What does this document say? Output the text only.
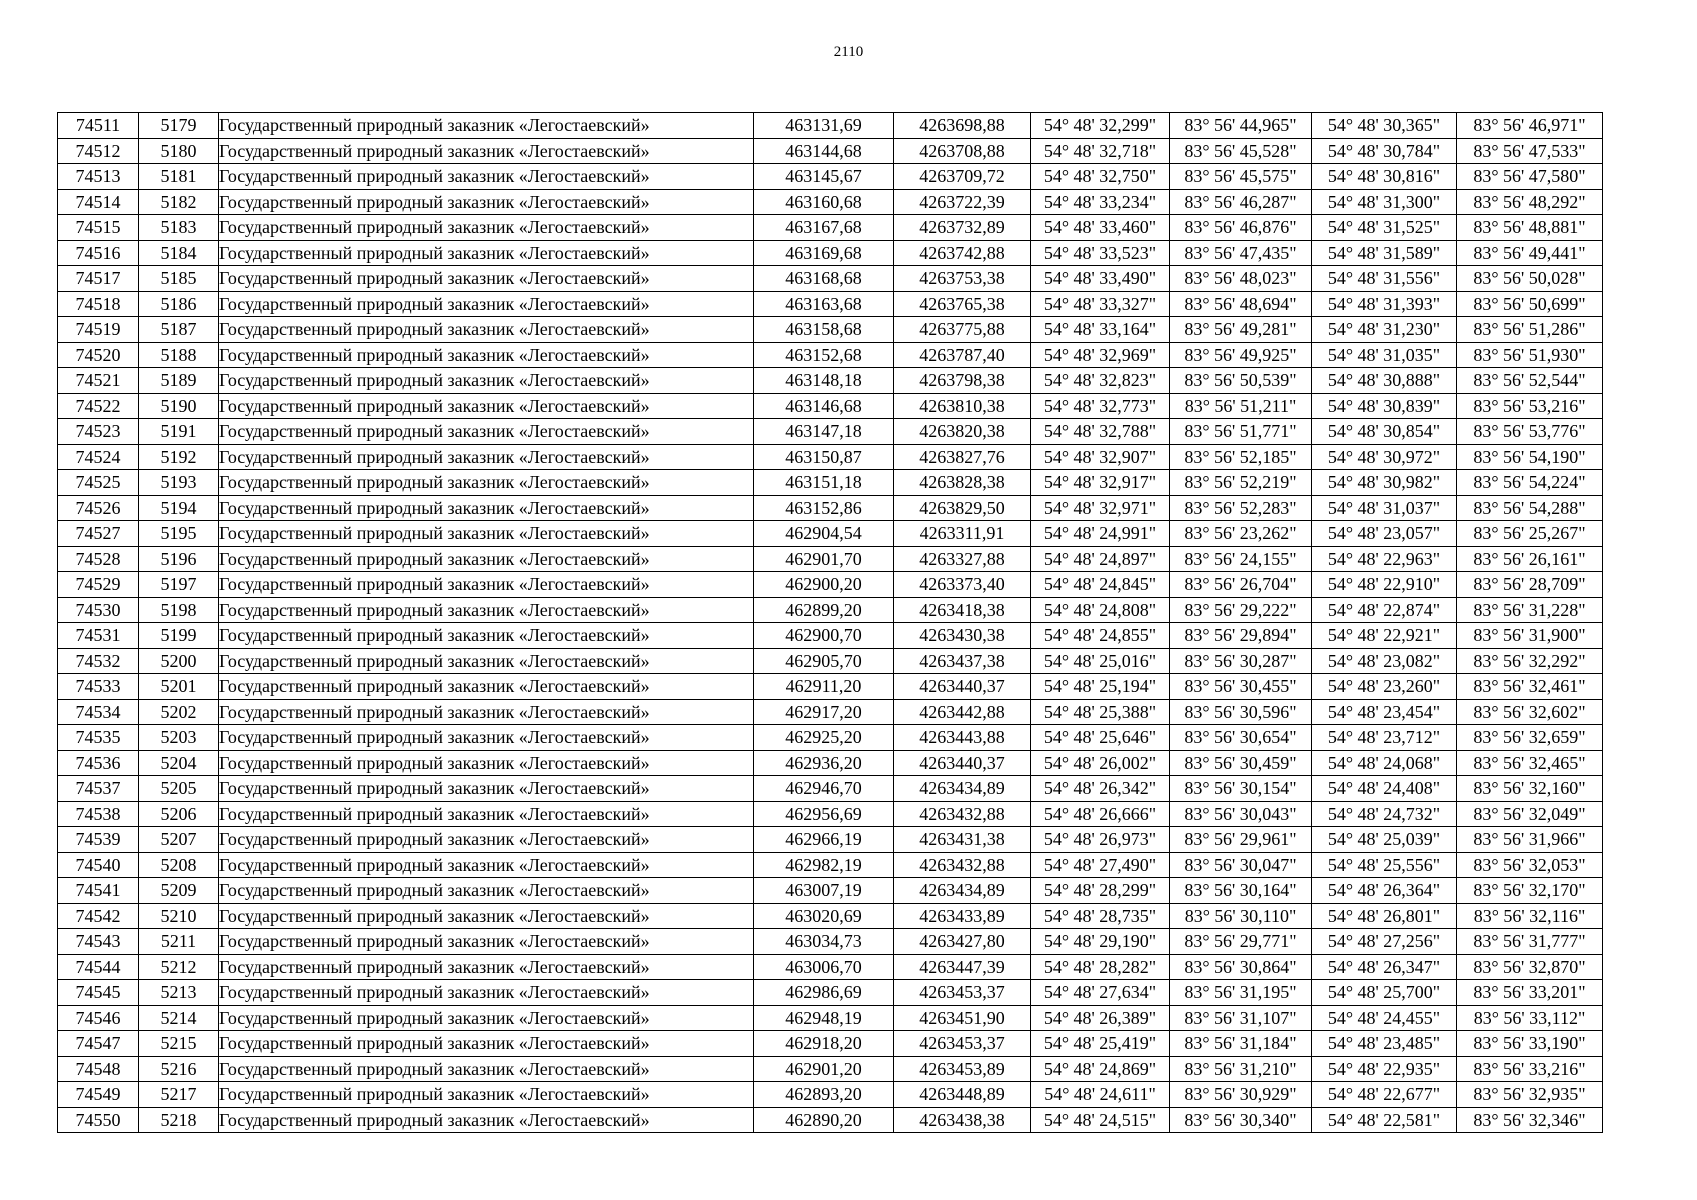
2110
74511	5179	Государственный природный заказник «Легостаевский»	463131,69	4263698,88	54° 48' 32,299"	83° 56' 44,965"	54° 48' 30,365"	83° 56' 46,971"
74512	5180	Государственный природный заказник «Легостаевский»	463144,68	4263708,88	54° 48' 32,718"	83° 56' 45,528"	54° 48' 30,784"	83° 56' 47,533"
74513	5181	Государственный природный заказник «Легостаевский»	463145,67	4263709,72	54° 48' 32,750"	83° 56' 45,575"	54° 48' 30,816"	83° 56' 47,580"
74514	5182	Государственный природный заказник «Легостаевский»	463160,68	4263722,39	54° 48' 33,234"	83° 56' 46,287"	54° 48' 31,300"	83° 56' 48,292"
74515	5183	Государственный природный заказник «Легостаевский»	463167,68	4263732,89	54° 48' 33,460"	83° 56' 46,876"	54° 48' 31,525"	83° 56' 48,881"
74516	5184	Государственный природный заказник «Легостаевский»	463169,68	4263742,88	54° 48' 33,523"	83° 56' 47,435"	54° 48' 31,589"	83° 56' 49,441"
74517	5185	Государственный природный заказник «Легостаевский»	463168,68	4263753,38	54° 48' 33,490"	83° 56' 48,023"	54° 48' 31,556"	83° 56' 50,028"
74518	5186	Государственный природный заказник «Легостаевский»	463163,68	4263765,38	54° 48' 33,327"	83° 56' 48,694"	54° 48' 31,393"	83° 56' 50,699"
74519	5187	Государственный природный заказник «Легостаевский»	463158,68	4263775,88	54° 48' 33,164"	83° 56' 49,281"	54° 48' 31,230"	83° 56' 51,286"
74520	5188	Государственный природный заказник «Легостаевский»	463152,68	4263787,40	54° 48' 32,969"	83° 56' 49,925"	54° 48' 31,035"	83° 56' 51,930"
74521	5189	Государственный природный заказник «Легостаевский»	463148,18	4263798,38	54° 48' 32,823"	83° 56' 50,539"	54° 48' 30,888"	83° 56' 52,544"
74522	5190	Государственный природный заказник «Легостаевский»	463146,68	4263810,38	54° 48' 32,773"	83° 56' 51,211"	54° 48' 30,839"	83° 56' 53,216"
74523	5191	Государственный природный заказник «Легостаевский»	463147,18	4263820,38	54° 48' 32,788"	83° 56' 51,771"	54° 48' 30,854"	83° 56' 53,776"
74524	5192	Государственный природный заказник «Легостаевский»	463150,87	4263827,76	54° 48' 32,907"	83° 56' 52,185"	54° 48' 30,972"	83° 56' 54,190"
74525	5193	Государственный природный заказник «Легостаевский»	463151,18	4263828,38	54° 48' 32,917"	83° 56' 52,219"	54° 48' 30,982"	83° 56' 54,224"
74526	5194	Государственный природный заказник «Легостаевский»	463152,86	4263829,50	54° 48' 32,971"	83° 56' 52,283"	54° 48' 31,037"	83° 56' 54,288"
74527	5195	Государственный природный заказник «Легостаевский»	462904,54	4263311,91	54° 48' 24,991"	83° 56' 23,262"	54° 48' 23,057"	83° 56' 25,267"
74528	5196	Государственный природный заказник «Легостаевский»	462901,70	4263327,88	54° 48' 24,897"	83° 56' 24,155"	54° 48' 22,963"	83° 56' 26,161"
74529	5197	Государственный природный заказник «Легостаевский»	462900,20	4263373,40	54° 48' 24,845"	83° 56' 26,704"	54° 48' 22,910"	83° 56' 28,709"
74530	5198	Государственный природный заказник «Легостаевский»	462899,20	4263418,38	54° 48' 24,808"	83° 56' 29,222"	54° 48' 22,874"	83° 56' 31,228"
74531	5199	Государственный природный заказник «Легостаевский»	462900,70	4263430,38	54° 48' 24,855"	83° 56' 29,894"	54° 48' 22,921"	83° 56' 31,900"
74532	5200	Государственный природный заказник «Легостаевский»	462905,70	4263437,38	54° 48' 25,016"	83° 56' 30,287"	54° 48' 23,082"	83° 56' 32,292"
74533	5201	Государственный природный заказник «Легостаевский»	462911,20	4263440,37	54° 48' 25,194"	83° 56' 30,455"	54° 48' 23,260"	83° 56' 32,461"
74534	5202	Государственный природный заказник «Легостаевский»	462917,20	4263442,88	54° 48' 25,388"	83° 56' 30,596"	54° 48' 23,454"	83° 56' 32,602"
74535	5203	Государственный природный заказник «Легостаевский»	462925,20	4263443,88	54° 48' 25,646"	83° 56' 30,654"	54° 48' 23,712"	83° 56' 32,659"
74536	5204	Государственный природный заказник «Легостаевский»	462936,20	4263440,37	54° 48' 26,002"	83° 56' 30,459"	54° 48' 24,068"	83° 56' 32,465"
74537	5205	Государственный природный заказник «Легостаевский»	462946,70	4263434,89	54° 48' 26,342"	83° 56' 30,154"	54° 48' 24,408"	83° 56' 32,160"
74538	5206	Государственный природный заказник «Легостаевский»	462956,69	4263432,88	54° 48' 26,666"	83° 56' 30,043"	54° 48' 24,732"	83° 56' 32,049"
74539	5207	Государственный природный заказник «Легостаевский»	462966,19	4263431,38	54° 48' 26,973"	83° 56' 29,961"	54° 48' 25,039"	83° 56' 31,966"
74540	5208	Государственный природный заказник «Легостаевский»	462982,19	4263432,88	54° 48' 27,490"	83° 56' 30,047"	54° 48' 25,556"	83° 56' 32,053"
74541	5209	Государственный природный заказник «Легостаевский»	463007,19	4263434,89	54° 48' 28,299"	83° 56' 30,164"	54° 48' 26,364"	83° 56' 32,170"
74542	5210	Государственный природный заказник «Легостаевский»	463020,69	4263433,89	54° 48' 28,735"	83° 56' 30,110"	54° 48' 26,801"	83° 56' 32,116"
74543	5211	Государственный природный заказник «Легостаевский»	463034,73	4263427,80	54° 48' 29,190"	83° 56' 29,771"	54° 48' 27,256"	83° 56' 31,777"
74544	5212	Государственный природный заказник «Легостаевский»	463006,70	4263447,39	54° 48' 28,282"	83° 56' 30,864"	54° 48' 26,347"	83° 56' 32,870"
74545	5213	Государственный природный заказник «Легостаевский»	462986,69	4263453,37	54° 48' 27,634"	83° 56' 31,195"	54° 48' 25,700"	83° 56' 33,201"
74546	5214	Государственный природный заказник «Легостаевский»	462948,19	4263451,90	54° 48' 26,389"	83° 56' 31,107"	54° 48' 24,455"	83° 56' 33,112"
74547	5215	Государственный природный заказник «Легостаевский»	462918,20	4263453,37	54° 48' 25,419"	83° 56' 31,184"	54° 48' 23,485"	83° 56' 33,190"
74548	5216	Государственный природный заказник «Легостаевский»	462901,20	4263453,89	54° 48' 24,869"	83° 56' 31,210"	54° 48' 22,935"	83° 56' 33,216"
74549	5217	Государственный природный заказник «Легостаевский»	462893,20	4263448,89	54° 48' 24,611"	83° 56' 30,929"	54° 48' 22,677"	83° 56' 32,935"
74550	5218	Государственный природный заказник «Легостаевский»	462890,20	4263438,38	54° 48' 24,515"	83° 56' 30,340"	54° 48' 22,581"	83° 56' 32,346"
